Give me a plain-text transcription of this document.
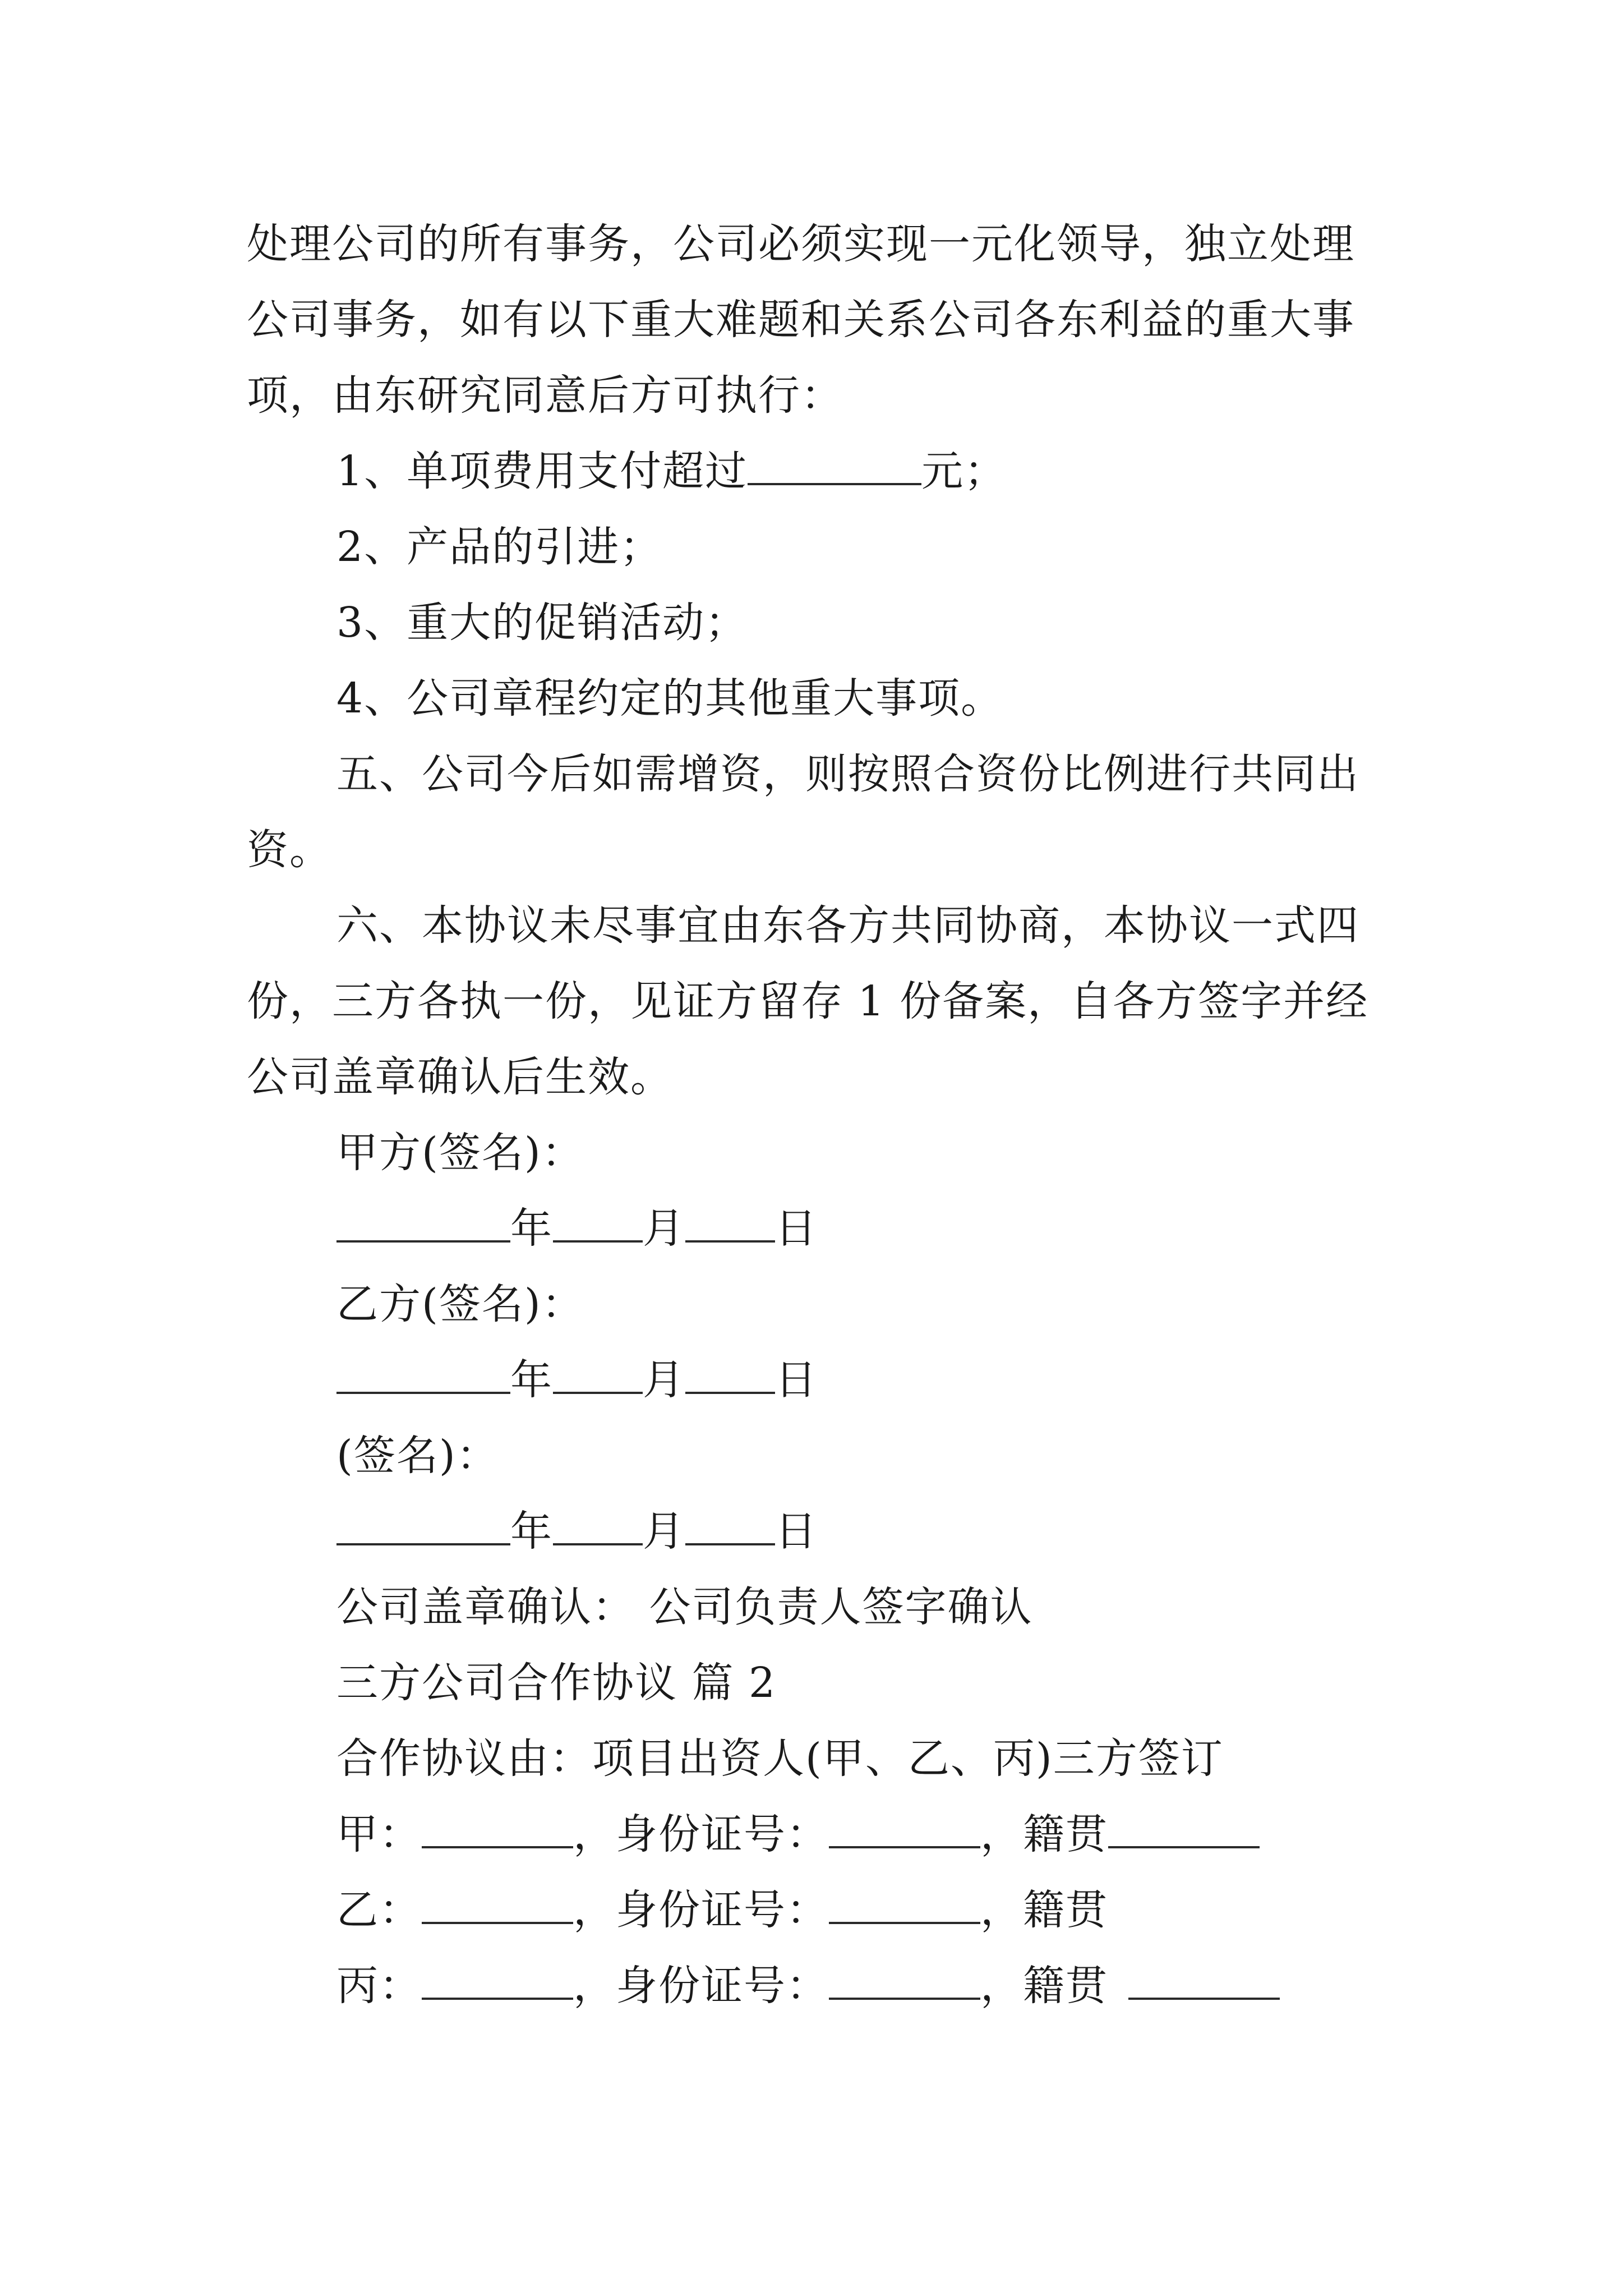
处理公司的所有事务，公司必须实现一元化领导，独立处理
公司事务，如有以下重大难题和关系公司各东利益的重大事
项，由东研究同意后方可执行：
1、单项费用支付超过	元；
2、产品的引进；
3、重大的促销活动；
4、公司章程约定的其他重大事项。
五、公司今后如需增资，则按照合资份比例进行共同出
资。
六、本协议未尽事宜由东各方共同协商，本协议一式四
份，三方各执一份，见证方留存 1 份备案，自各方签字并经
公司盖章确认后生效。
甲方(签名)：
年 月 日
乙方(签名)：
年 月 日
(签名)：
年 月 日
公司盖章确认： 公司负责人签字确认
三方公司合作协议 篇 2
合作协议由：项目出资人(甲、乙、丙)三方签订
甲：	，身份证号：	，籍贯
乙：	，身份证号：	，籍贯
丙：	，身份证号：	，籍贯
